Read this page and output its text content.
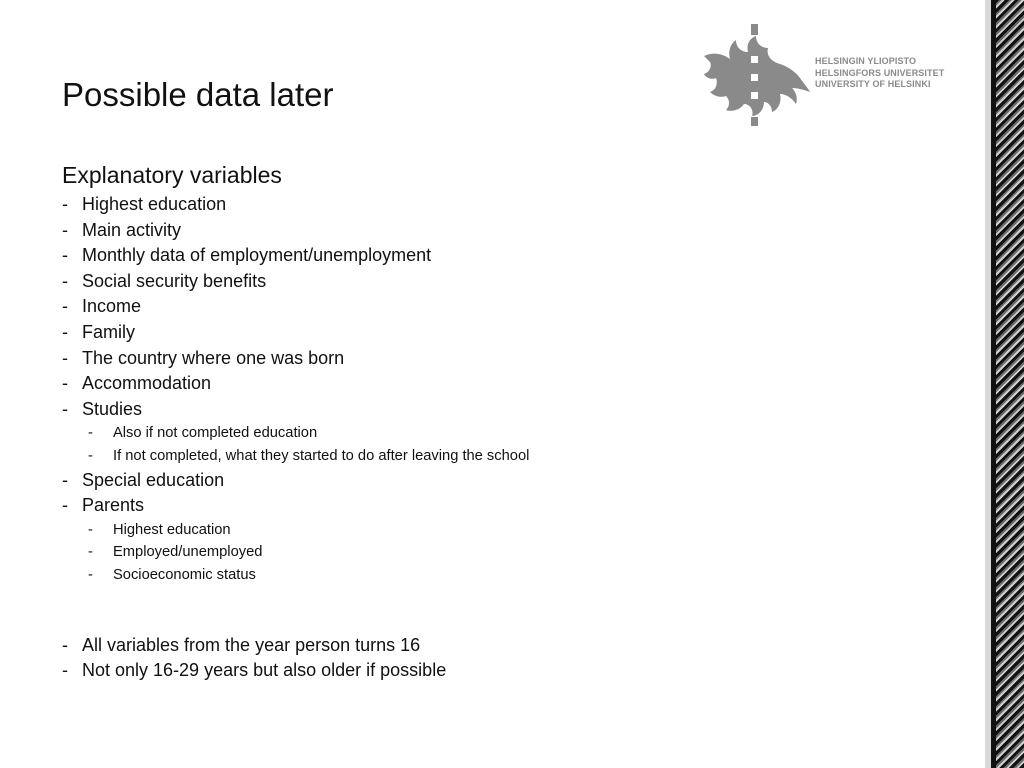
Possible data later
HELSINGIN YLIOPISTO
HELSINGFORS UNIVERSITET
UNIVERSITY OF HELSINKI
Explanatory variables
- Highest education
- Main activity
- Monthly data of employment/unemployment
- Social security benefits
- Income
- Family
- The country where one was born
- Accommodation
- Studies
- Also if not completed education
- If not completed, what they started to do after leaving the school
- Special education
- Parents
- Highest education
- Employed/unemployed
- Socioeconomic status
- All variables from the year person turns 16
- Not only 16-29 years but also older if possible
